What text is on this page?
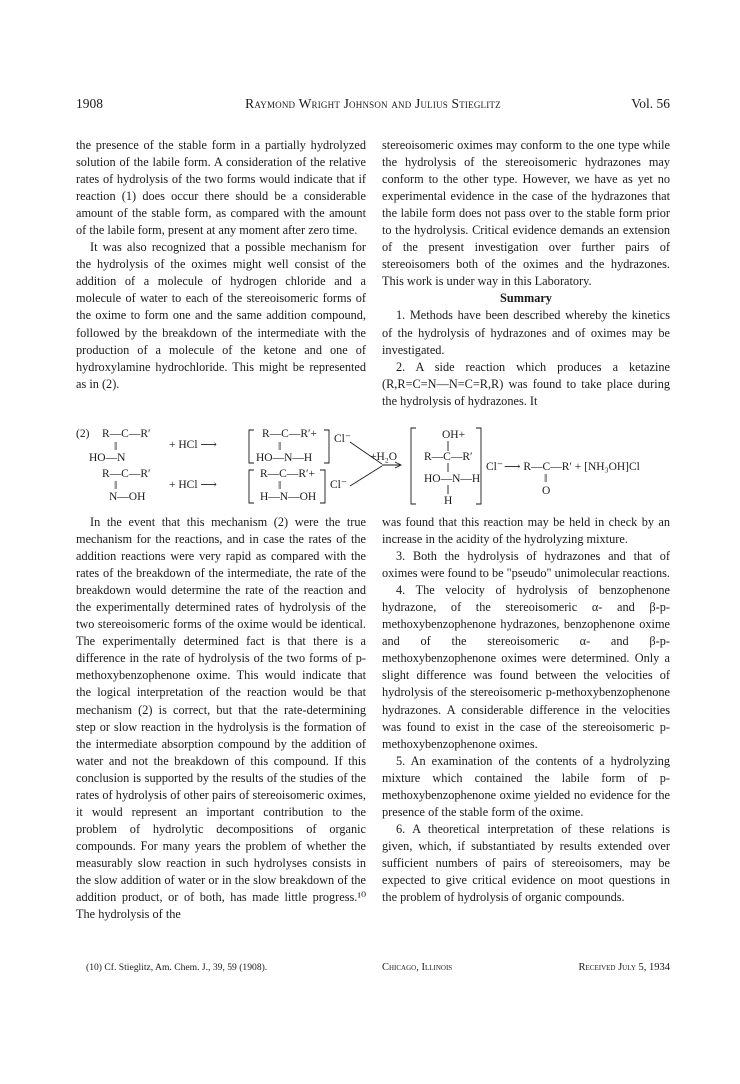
1908	Raymond Wright Johnson and Julius Stieglitz	Vol. 56

the presence of the stable form in a partially hydrolyzed solution of the labile form. A consideration of the relative rates of hydrolysis of the two forms would indicate that if reaction (1) does occur there should be a considerable amount of the stable form, as compared with the amount of the labile form, present at any moment after zero time.

It was also recognized that a possible mechanism for the hydrolysis of the oximes might well consist of the addition of a molecule of hydrogen chloride and a molecule of water to each of the stereoisomeric forms of the oxime to form one and the same addition compound, followed by the breakdown of the intermediate with the production of a molecule of the ketone and one of hydroxylamine hydrochloride. This might be represented as in (2).

stereoisomeric oximes may conform to the one type while the hydrolysis of the stereoisomeric hydrazones may conform to the other type. However, we have as yet no experimental evidence in the case of the hydrazones that the labile form does not pass over to the stable form prior to the hydrolysis. Critical evidence demands an extension of the present investigation over further pairs of stereoisomers both of the oximes and the hydrazones. This work is under way in this Laboratory.

Summary

1. Methods have been described whereby the kinetics of the hydrolysis of hydrazones and of oximes may be investigated.

2. A side reaction which produces a ketazine (R,R=C=N—N=C=R,R) was found to take place during the hydrolysis of hydrazones. It

(2) R—C—R′
‖
HO—N
+ HCl ⟶
R—C—R′+
‖
HO—N—H
Cl⁻
R—C—R′
‖
N—OH
+ HCl ⟶
R—C—R′+
‖
H—N—OH
Cl⁻
+H₂O
OH+
R—C—R′
HO—N—H
H
Cl⁻ ⟶ R—C—R′ + [NH₃OH]Cl
‖
O

In the event that this mechanism (2) were the true mechanism for the reactions, and in case the rates of the addition reactions were very rapid as compared with the rates of the breakdown of the intermediate, the rate of the breakdown would determine the rate of the reaction and the experimentally determined rates of hydrolysis of the two stereoisomeric forms of the oxime would be identical. The experimentally determined fact is that there is a difference in the rate of hydrolysis of the two forms of p-methoxybenzophenone oxime. This would indicate that the logical interpretation of the reaction would be that mechanism (2) is correct, but that the rate-determining step or slow reaction in the hydrolysis is the formation of the intermediate absorption compound by the addition of water and not the breakdown of this compound. If this conclusion is supported by the results of the studies of the rates of hydrolysis of other pairs of stereoisomeric oximes, it would represent an important contribution to the problem of hydrolytic decompositions of organic compounds. For many years the problem of whether the measurably slow reaction in such hydrolyses consists in the slow addition of water or in the slow breakdown of the addition product, or of both, has made little progress.¹⁰ The hydrolysis of the

was found that this reaction may be held in check by an increase in the acidity of the hydrolyzing mixture.

3. Both the hydrolysis of hydrazones and that of oximes were found to be "pseudo" unimolecular reactions.

4. The velocity of hydrolysis of benzophenone hydrazone, of the stereoisomeric α- and β-p-methoxybenzophenone hydrazones, benzophenone oxime and of the stereoisomeric α- and β-p-methoxybenzophenone oximes were determined. Only a slight difference was found between the velocities of hydrolysis of the stereoisomeric p-methoxybenzophenone hydrazones. A considerable difference in the velocities was found to exist in the case of the stereoisomeric p-methoxybenzophenone oximes.

5. An examination of the contents of a hydrolyzing mixture which contained the labile form of p-methoxybenzophenone oxime yielded no evidence for the presence of the stable form of the oxime.

6. A theoretical interpretation of these relations is given, which, if substantiated by results extended over sufficient numbers of pairs of stereoisomers, may be expected to give critical evidence on moot questions in the problem of hydrolysis of organic compounds.

(10) Cf. Stieglitz, Am. Chem. J., 39, 59 (1908).	Chicago, Illinois	Received July 5, 1934
